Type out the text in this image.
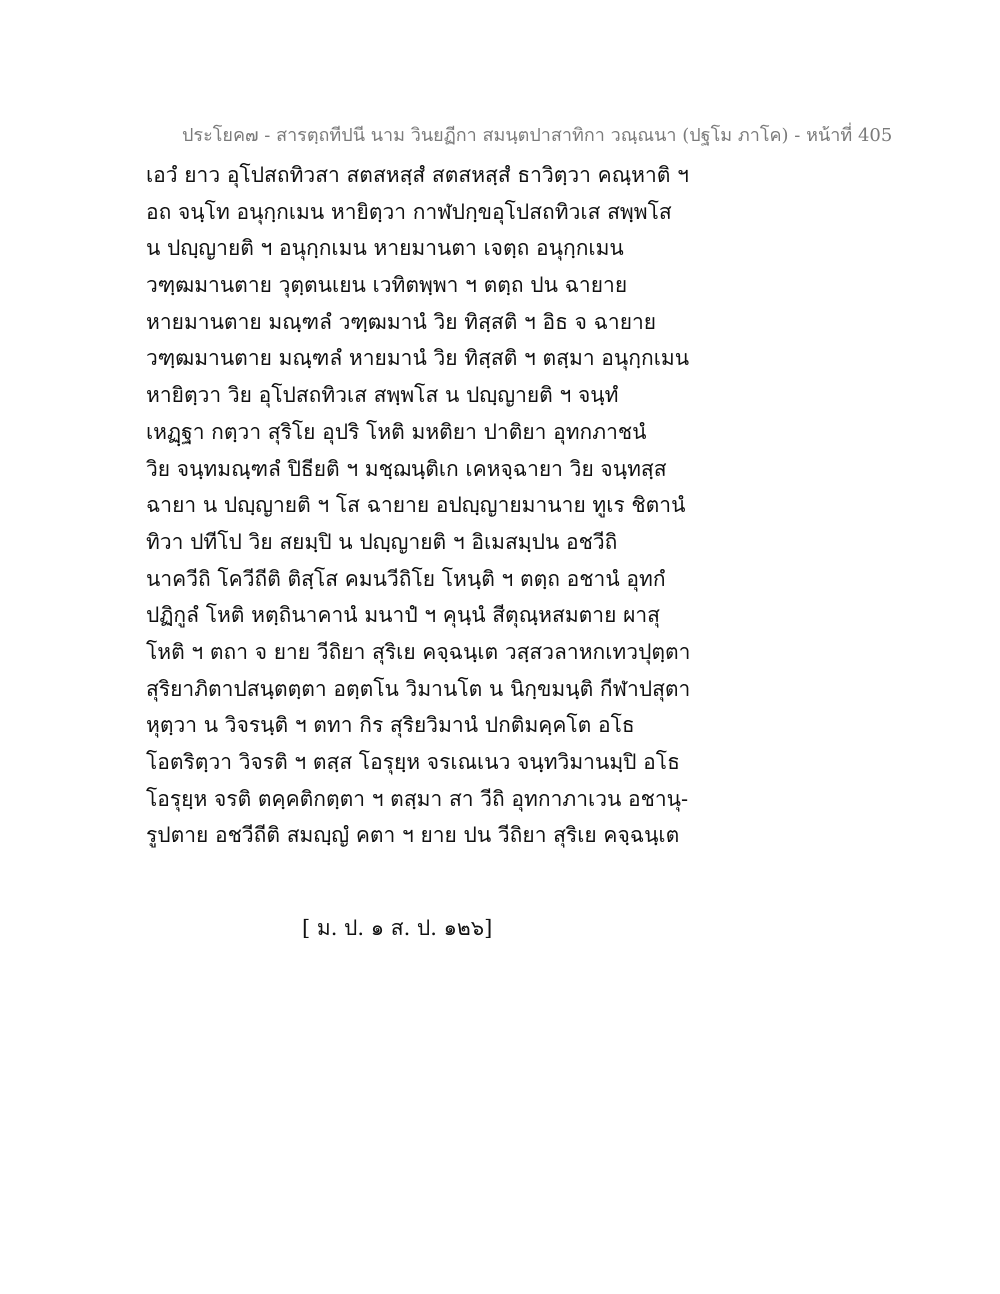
ประโยค๗ - สารตฺถทีปนี นาม วินยฏีกา สมนฺตปาสาทิกา วณฺณนา (ปฐโม ภาโค) - หน้าที่ 405
เอวํ ยาว อุโปสถทิวสา สตสหสฺสํ สตสหสฺสํ ธาวิตฺวา คณฺหาติ ฯ
อถ จนฺโท อนุกฺกเมน หายิตฺวา กาฬปกฺขอุโปสถทิวเส สพฺพโส
น ปญฺญายติ ฯ อนุกฺกเมน หายมานตา เจตฺถ อนุกฺกเมน
วฑฺฒมานตาย วุตฺตนเยน เวทิตพฺพา ฯ ตตฺถ ปน ฉายาย
หายมานตาย มณฺฑลํ วฑฺฒมานํ วิย ทิสฺสติ ฯ อิธ จ ฉายาย
วฑฺฒมานตาย มณฺฑลํ หายมานํ วิย ทิสฺสติ ฯ ตสฺมา อนุกฺกเมน
หายิตฺวา วิย อุโปสถทิวเส สพฺพโส น ปญฺญายติ ฯ จนฺทํ
เหฏฺฐา กตฺวา สุริโย อุปริ โหติ มหติยา ปาติยา อุทกภาชนํ
วิย จนฺทมณฺฑลํ ปิธียติ ฯ มชฺฌนฺติเก เคหจฺฉายา วิย จนฺทสฺส
ฉายา น ปญฺญายติ ฯ โส ฉายาย อปญฺญายมานาย ทูเร ชิตานํ
ทิวา ปทีโป วิย สยมฺปิ น ปญฺญายติ ฯ อิเมสมฺปน อชวีถิ
นาควีถิ โควีถีติ ติสฺโส คมนวีถิโย โหนฺติ ฯ ตตฺถ อชานํ อุทกํ
ปฏิกูลํ โหติ หตฺถินาคานํ มนาปํ ฯ คุนฺนํ สีตุณฺหสมตาย ผาสุ
โหติ ฯ ตถา จ ยาย วีถิยา สุริเย คจฺฉนฺเต วสฺสวลาหกเทวปุตฺตา
สุริยาภิตาปสนฺตตฺตา อตฺตโน วิมานโต น นิกฺขมนฺติ กีฬาปสุตา
หุตฺวา น วิจรนฺติ ฯ ตทา กิร สุริยวิมานํ ปกติมคฺคโต อโธ
โอตริตฺวา วิจรติ ฯ ตสฺส โอรุยฺห จรเณเนว จนฺทวิมานมฺปิ อโธ
โอรุยฺห จรติ ตคฺคติกตฺตา ฯ ตสฺมา สา วีถิ อุทกาภาเวน อชานุ-
รูปตาย อชวีถีติ สมญฺญํ คตา ฯ ยาย ปน วีถิยา สุริเย คจฺฉนฺเต
[ ม. ป. ๑ ส. ป. ๑๒๖]
